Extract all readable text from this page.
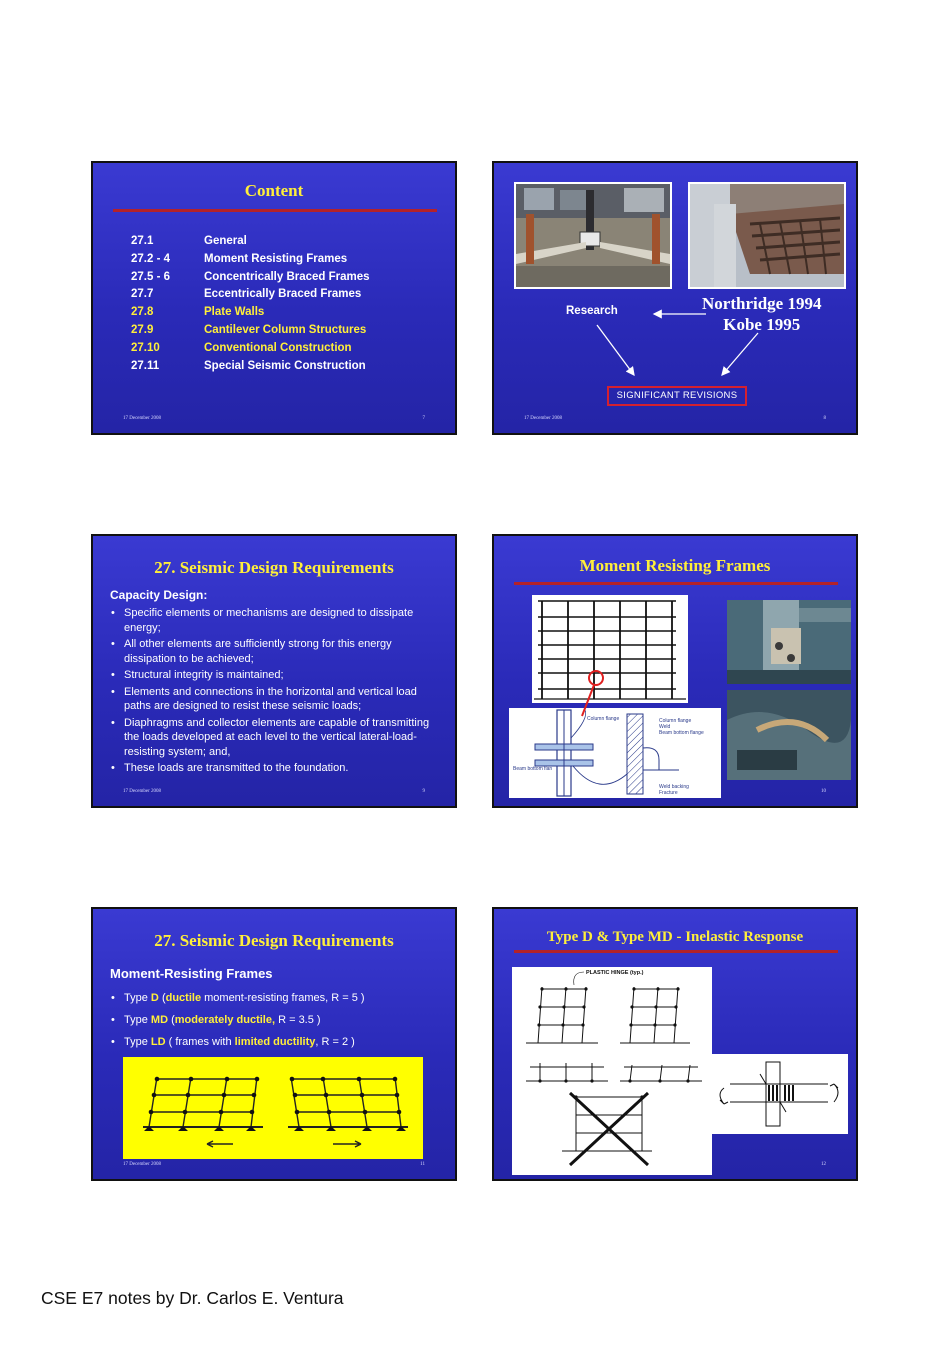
Content
27.1	General
27.2 - 4	Moment Resisting Frames
27.5 - 6	Concentrically Braced Frames
27.7	Eccentrically Braced Frames
27.8	Plate Walls
27.9	Cantilever Column Structures
27.10	Conventional Construction
27.11	Special Seismic Construction
17 December 2008	7
Research	Northridge 1994
Kobe 1995
SIGNIFICANT REVISIONS
17 December 2008	8
27. Seismic Design Requirements
Capacity Design:
• Specific elements or mechanisms are designed to dissipate energy;
• All other elements are sufficiently strong for this energy dissipation to be achieved;
• Structural integrity is maintained;
• Elements and connections in the horizontal and vertical load paths are designed to resist these seismic loads;
• Diaphragms and collector elements are capable of transmitting the loads developed at each level to the vertical lateral-load-resisting system; and,
• These loads are transmitted to the foundation.
17 December 2008	9
Moment Resisting Frames
Column flange
Beam bottom flan
Column flange
Weld
Beam bottom flange
Weld backing
Fracture	10
27. Seismic Design Requirements
Moment-Resisting Frames
• Type D (ductile moment-resisting frames, R = 5 )
• Type MD (moderately ductile, R = 3.5 )
• Type LD ( frames with limited ductility, R = 2 )
17 December 2008	11
Type D & Type MD - Inelastic Response
PLASTIC HINGE (typ.)
12
CSE E7 notes by Dr. Carlos E. Ventura
